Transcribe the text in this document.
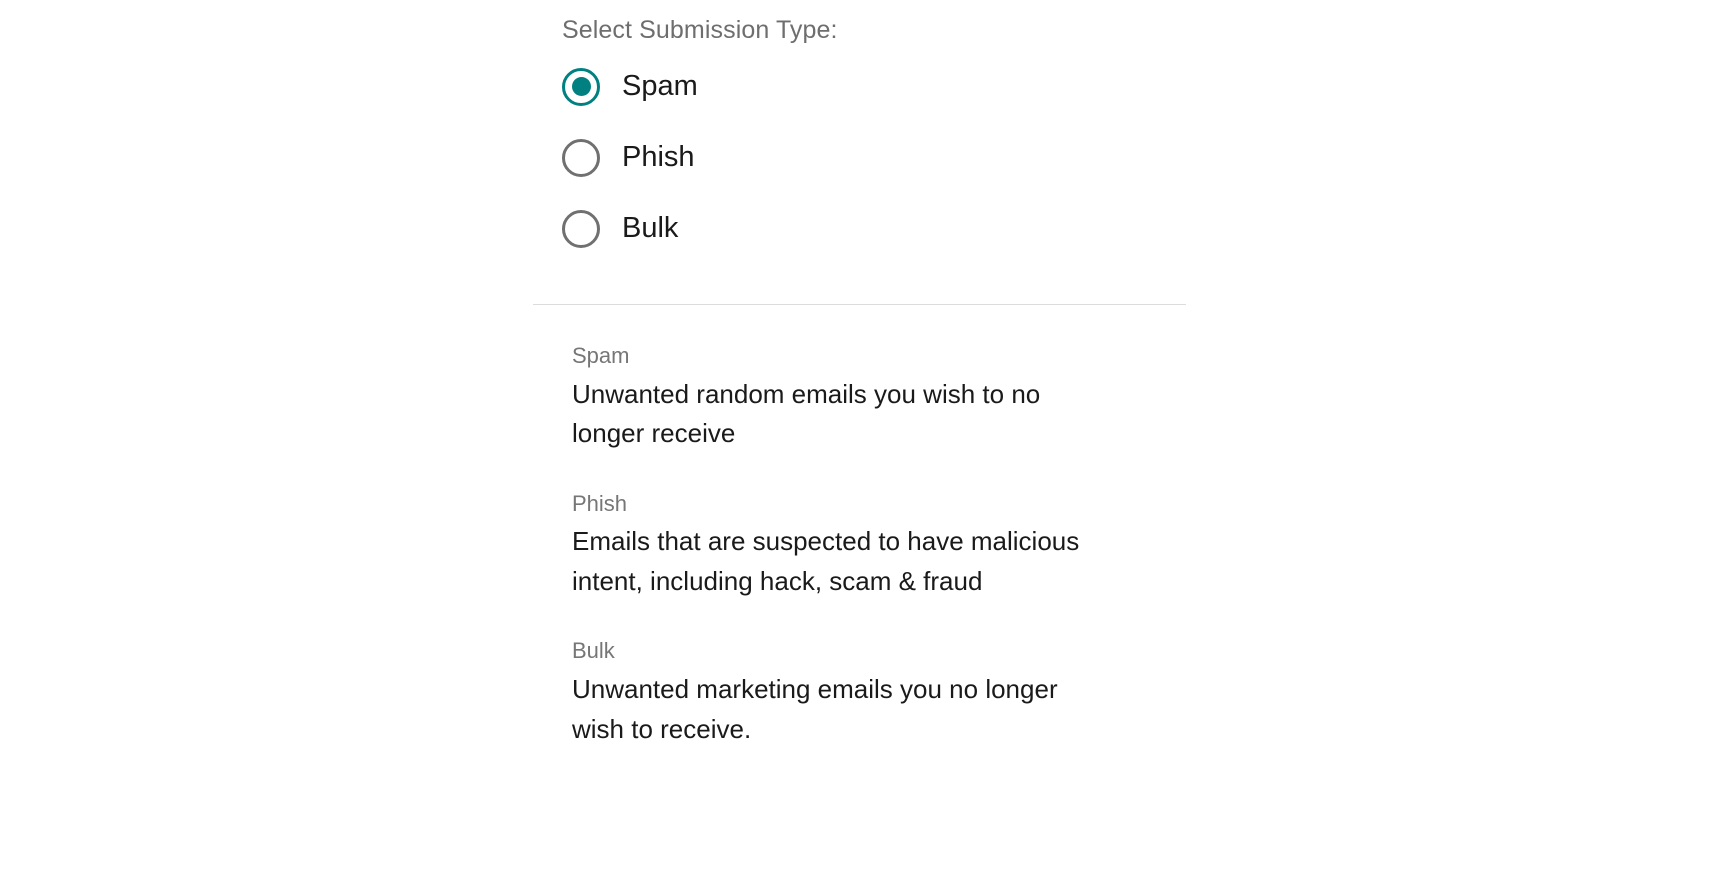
Select Submission Type:
Spam
Phish
Bulk
Spam
Unwanted random emails you wish to no longer receive
Phish
Emails that are suspected to have malicious intent, including hack, scam & fraud
Bulk
Unwanted marketing emails you no longer wish to receive.
